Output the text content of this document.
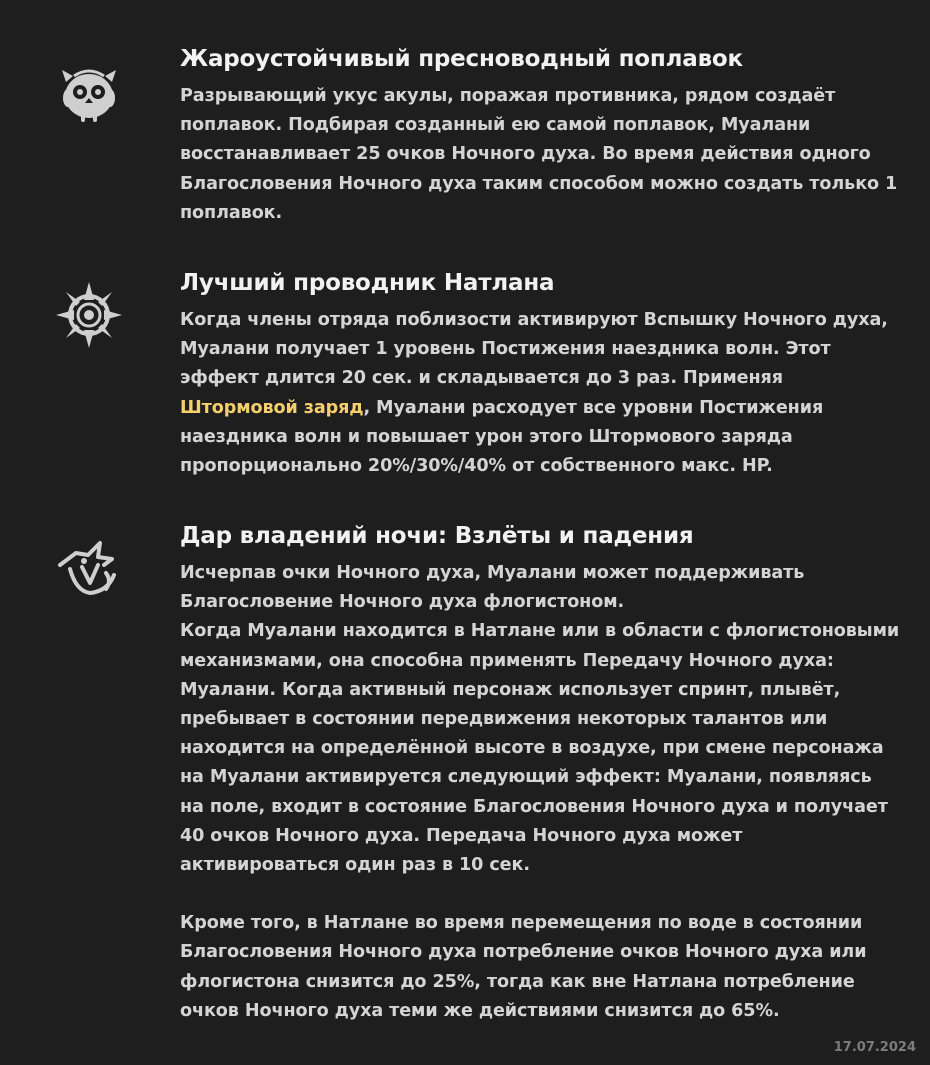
Жароустойчивый пресноводный поплавок

Разрывающий укус акулы, поражая противника, рядом создаёт поплавок. Подбирая созданный ею самой поплавок, Муалани восстанавливает 25 очков Ночного духа. Во время действия одного Благословения Ночного духа таким способом можно создать только 1 поплавок.

Лучший проводник Натлана

Когда члены отряда поблизости активируют Вспышку Ночного духа, Муалани получает 1 уровень Постижения наездника волн. Этот эффект длится 20 сек. и складывается до 3 раз. Применяя Штормовой заряд, Муалани расходует все уровни Постижения наездника волн и повышает урон этого Штормового заряда пропорционально 20%/30%/40% от собственного макс. HP.

Дар владений ночи: Взлёты и падения

Исчерпав очки Ночного духа, Муалани может поддерживать Благословение Ночного духа флогистоном.

Когда Муалани находится в Натлане или в области с флогистоновыми механизмами, она способна применять Передачу Ночного духа: Муалани. Когда активный персонаж использует спринт, плывёт, пребывает в состоянии передвижения некоторых талантов или находится на определённой высоте в воздухе, при смене персонажа на Муалани активируется следующий эффект: Муалани, появляясь на поле, входит в состояние Благословения Ночного духа и получает 40 очков Ночного духа. Передача Ночного духа может активироваться один раз в 10 сек.

Кроме того, в Натлане во время перемещения по воде в состоянии Благословения Ночного духа потребление очков Ночного духа или флогистона снизится до 25%, тогда как вне Натлана потребление очков Ночного духа теми же действиями снизится до 65%.

17.07.2024
